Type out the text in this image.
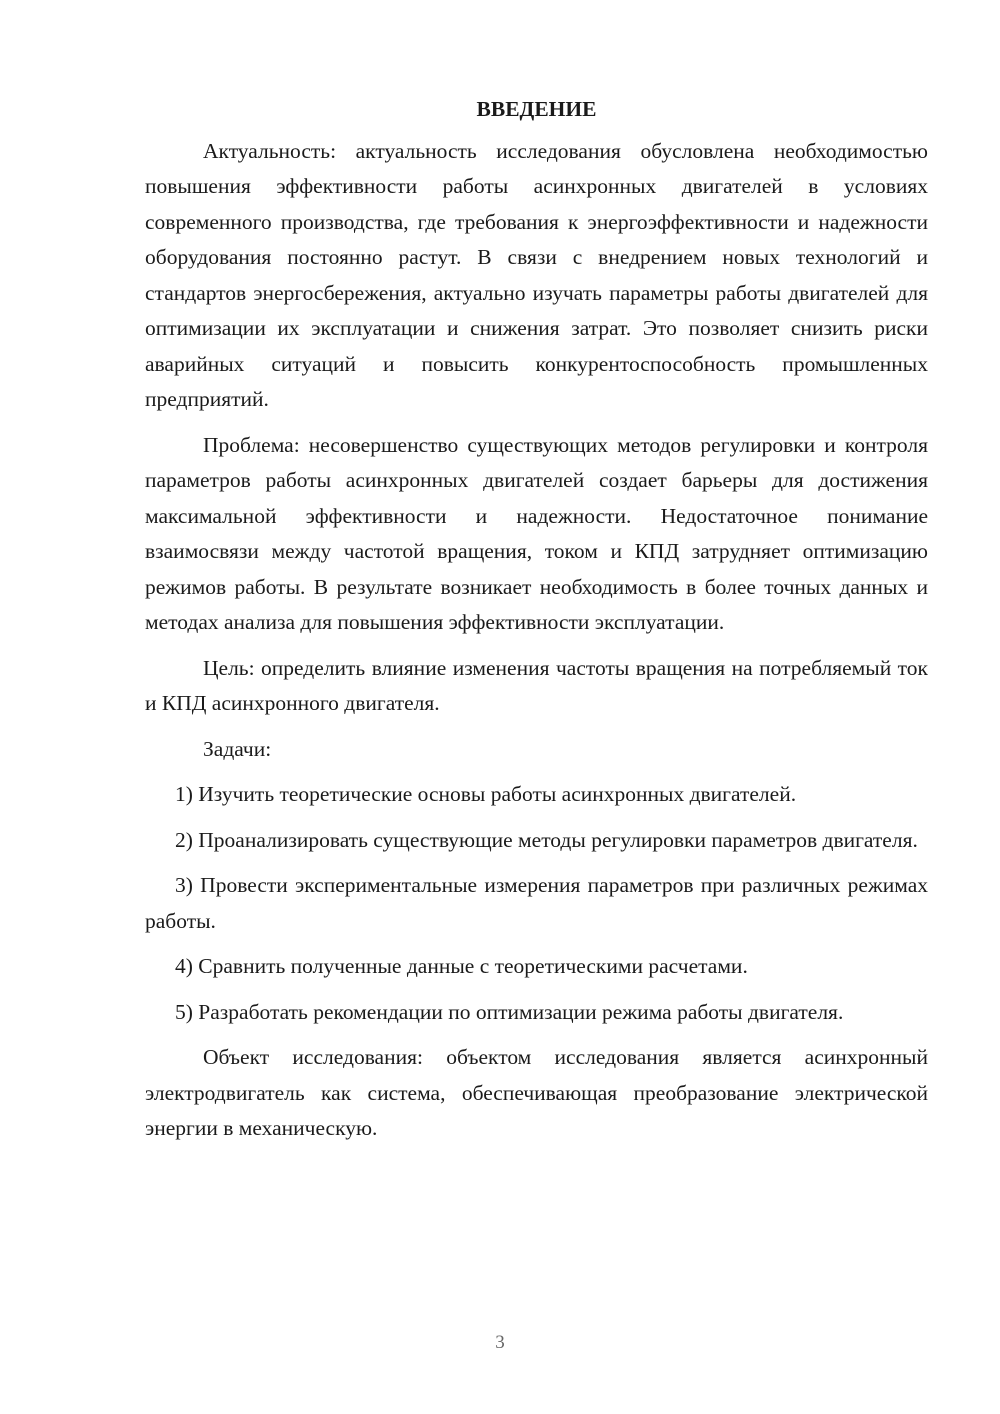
ВВЕДЕНИЕ

Актуальность: актуальность исследования обусловлена необходимостью повышения эффективности работы асинхронных двигателей в условиях современного производства, где требования к энергоэффективности и надежности оборудования постоянно растут. В связи с внедрением новых технологий и стандартов энергосбережения, актуально изучать параметры работы двигателей для оптимизации их эксплуатации и снижения затрат. Это позволяет снизить риски аварийных ситуаций и повысить конкурентоспособность промышленных предприятий.

Проблема: несовершенство существующих методов регулировки и контроля параметров работы асинхронных двигателей создает барьеры для достижения максимальной эффективности и надежности. Недостаточное понимание взаимосвязи между частотой вращения, током и КПД затрудняет оптимизацию режимов работы. В результате возникает необходимость в более точных данных и методах анализа для повышения эффективности эксплуатации.

Цель: определить влияние изменения частоты вращения на потребляемый ток и КПД асинхронного двигателя.

Задачи:

1) Изучить теоретические основы работы асинхронных двигателей.

2) Проанализировать существующие методы регулировки параметров двигателя.

3) Провести экспериментальные измерения параметров при различных режимах работы.

4) Сравнить полученные данные с теоретическими расчетами.

5) Разработать рекомендации по оптимизации режима работы двигателя.

Объект исследования: объектом исследования является асинхронный электродвигатель как система, обеспечивающая преобразование электрической энергии в механическую.

3
